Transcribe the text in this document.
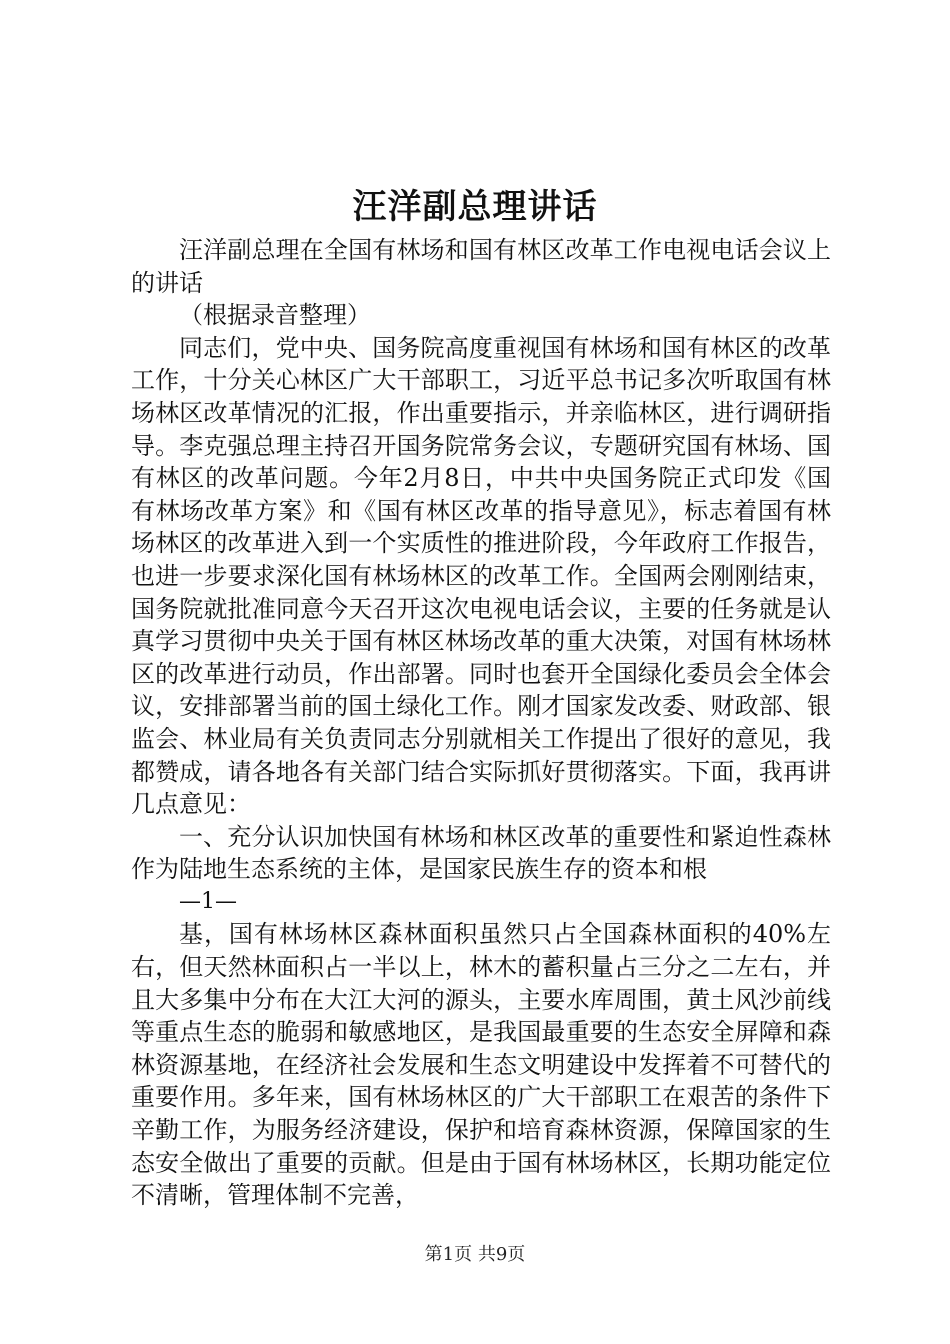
汪洋副总理讲话

汪洋副总理在全国有林场和国有林区改革工作电视电话会议上的讲话

（根据录音整理）

同志们，党中央、国务院高度重视国有林场和国有林区的改革工作，十分关心林区广大干部职工，习近平总书记多次听取国有林场林区改革情况的汇报，作出重要指示，并亲临林区，进行调研指导。李克强总理主持召开国务院常务会议，专题研究国有林场、国有林区的改革问题。今年2月8日，中共中央国务院正式印发《国有林场改革方案》和《国有林区改革的指导意见》，标志着国有林场林区的改革进入到一个实质性的推进阶段，今年政府工作报告，也进一步要求深化国有林场林区的改革工作。全国两会刚刚结束，国务院就批准同意今天召开这次电视电话会议，主要的任务就是认真学习贯彻中央关于国有林区林场改革的重大决策，对国有林场林区的改革进行动员，作出部署。同时也套开全国绿化委员会全体会议，安排部署当前的国土绿化工作。刚才国家发改委、财政部、银监会、林业局有关负责同志分别就相关工作提出了很好的意见，我都赞成，请各地各有关部门结合实际抓好贯彻落实。下面，我再讲几点意见：

一、充分认识加快国有林场和林区改革的重要性和紧迫性森林作为陆地生态系统的主体，是国家民族生存的资本和根

—1—

基，国有林场林区森林面积虽然只占全国森林面积的40%左右，但天然林面积占一半以上，林木的蓄积量占三分之二左右，并且大多集中分布在大江大河的源头，主要水库周围，黄土风沙前线等重点生态的脆弱和敏感地区，是我国最重要的生态安全屏障和森林资源基地，在经济社会发展和生态文明建设中发挥着不可替代的重要作用。多年来，国有林场林区的广大干部职工在艰苦的条件下辛勤工作，为服务经济建设，保护和培育森林资源，保障国家的生态安全做出了重要的贡献。但是由于国有林场林区，长期功能定位不清晰，管理体制不完善，

第1页 共9页
